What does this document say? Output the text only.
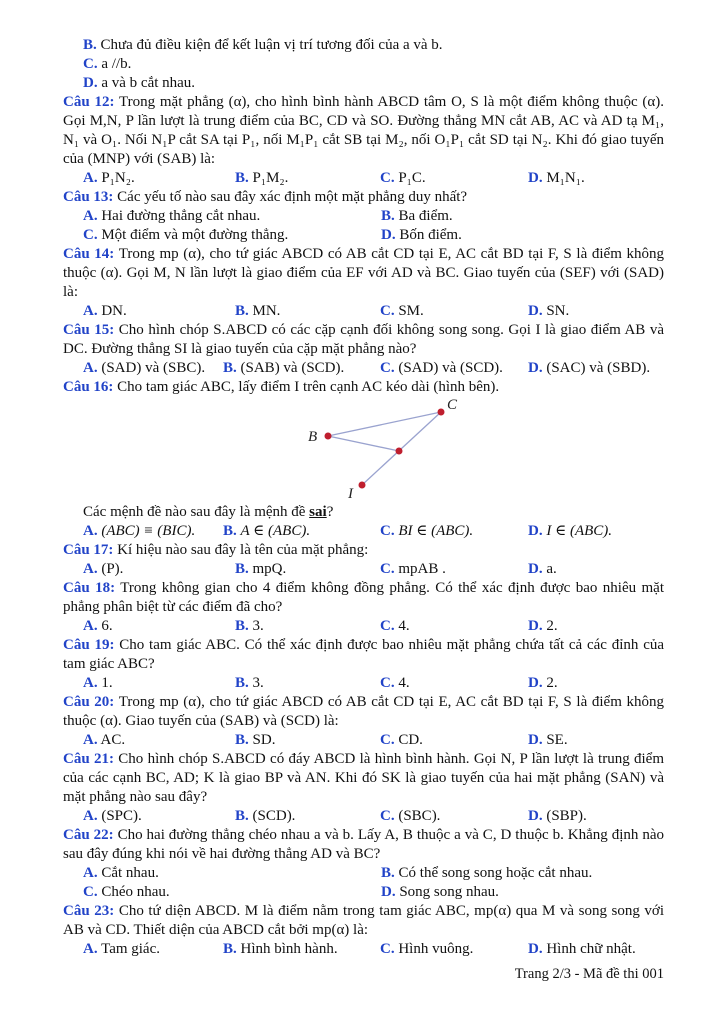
B. Chưa đủ điều kiện để kết luận vị trí tương đối của a và b.
C. a //b.
D. a và b cắt nhau.

Câu 12: Trong mặt phẳng (α), cho hình bình hành ABCD tâm O, S là một điểm không thuộc (α). Gọi M,N, P lần lượt là trung điểm của BC, CD và SO. Đường thẳng MN cắt AB, AC và AD tạ M₁, N₁ và O₁. Nối N₁P cắt SA tại P₁, nối M₁P₁ cắt SB tại M₂, nối O₁P₁ cắt SD tại N₂. Khi đó giao tuyến của (MNP) với (SAB) là:

A. P₁N₂.	B. P₁M₂.	C. P₁C.	D. M₁N₁.

Câu 13: Các yếu tố nào sau đây xác định một mặt phẳng duy nhất?

A. Hai đường thẳng cắt nhau.	B. Ba điểm.
C. Một điểm và một đường thẳng.	D. Bốn điểm.

Câu 14: Trong mp (α), cho tứ giác ABCD có AB cắt CD tại E, AC cắt BD tại F, S là điểm không thuộc (α). Gọi M, N lần lượt là giao điểm của EF với AD và BC. Giao tuyến của (SEF) với (SAD) là:

A. DN.	B. MN.	C. SM.	D. SN.

Câu 15: Cho hình chóp S.ABCD có các cặp cạnh đối không song song. Gọi I là giao điểm AB và DC. Đường thẳng SI là giao tuyến của cặp mặt phẳng nào?

A. (SAD) và (SBC). B. (SAB) và (SCD). C. (SAD) và (SCD). D. (SAC) và (SBD).

Câu 16: Cho tam giác ABC, lấy điểm I trên cạnh AC kéo dài (hình bên).

B
C
I

Các mệnh đề nào sau đây là mệnh đề sai?

A. (ABC) ≡ (BIC). B. A ∈ (ABC).	C. BI ∈ (ABC).	D. I ∈ (ABC).

Câu 17: Kí hiệu nào sau đây là tên của mặt phẳng:

A. (P).	B. mpQ.	C. mpAB .	D. a.

Câu 18: Trong không gian cho 4 điểm không đồng phẳng. Có thể xác định được bao nhiêu mặt phẳng phân biệt từ các điểm đã cho?

A. 6.	B. 3.	C. 4.	D. 2.

Câu 19: Cho tam giác ABC. Có thể xác định được bao nhiêu mặt phẳng chứa tất cả các đỉnh của tam giác ABC?

A. 1.	B. 3.	C. 4.	D. 2.

Câu 20: Trong mp (α), cho tứ giác ABCD có AB cắt CD tại E, AC cắt BD tại F, S là điểm không thuộc (α). Giao tuyến của (SAB) và (SCD) là:

A. AC.	B. SD.	C. CD.	D. SE.

Câu 21: Cho hình chóp S.ABCD có đáy ABCD là hình bình hành. Gọi N, P lần lượt là trung điểm của các cạnh BC, AD; K là giao BP và AN. Khi đó SK là giao tuyến của hai mặt phẳng (SAN) và mặt phẳng nào sau đây?

A. (SPC).	B. (SCD).	C. (SBC).	D. (SBP).

Câu 22: Cho hai đường thẳng chéo nhau a và b. Lấy A, B thuộc a và C, D thuộc b. Khẳng định nào sau đây đúng khi nói về hai đường thẳng AD và BC?

A. Cắt nhau.	B. Có thể song song hoặc cắt nhau.
C. Chéo nhau.	D. Song song nhau.

Câu 23: Cho tứ diện ABCD. M là điểm nằm trong tam giác ABC, mp(α) qua M và song song với AB và CD. Thiết diện của ABCD cắt bởi mp(α) là:

A. Tam giác.	B. Hình bình hành.	C. Hình vuông.	D. Hình chữ nhật.
Trang 2/3 - Mã đề thi 001
